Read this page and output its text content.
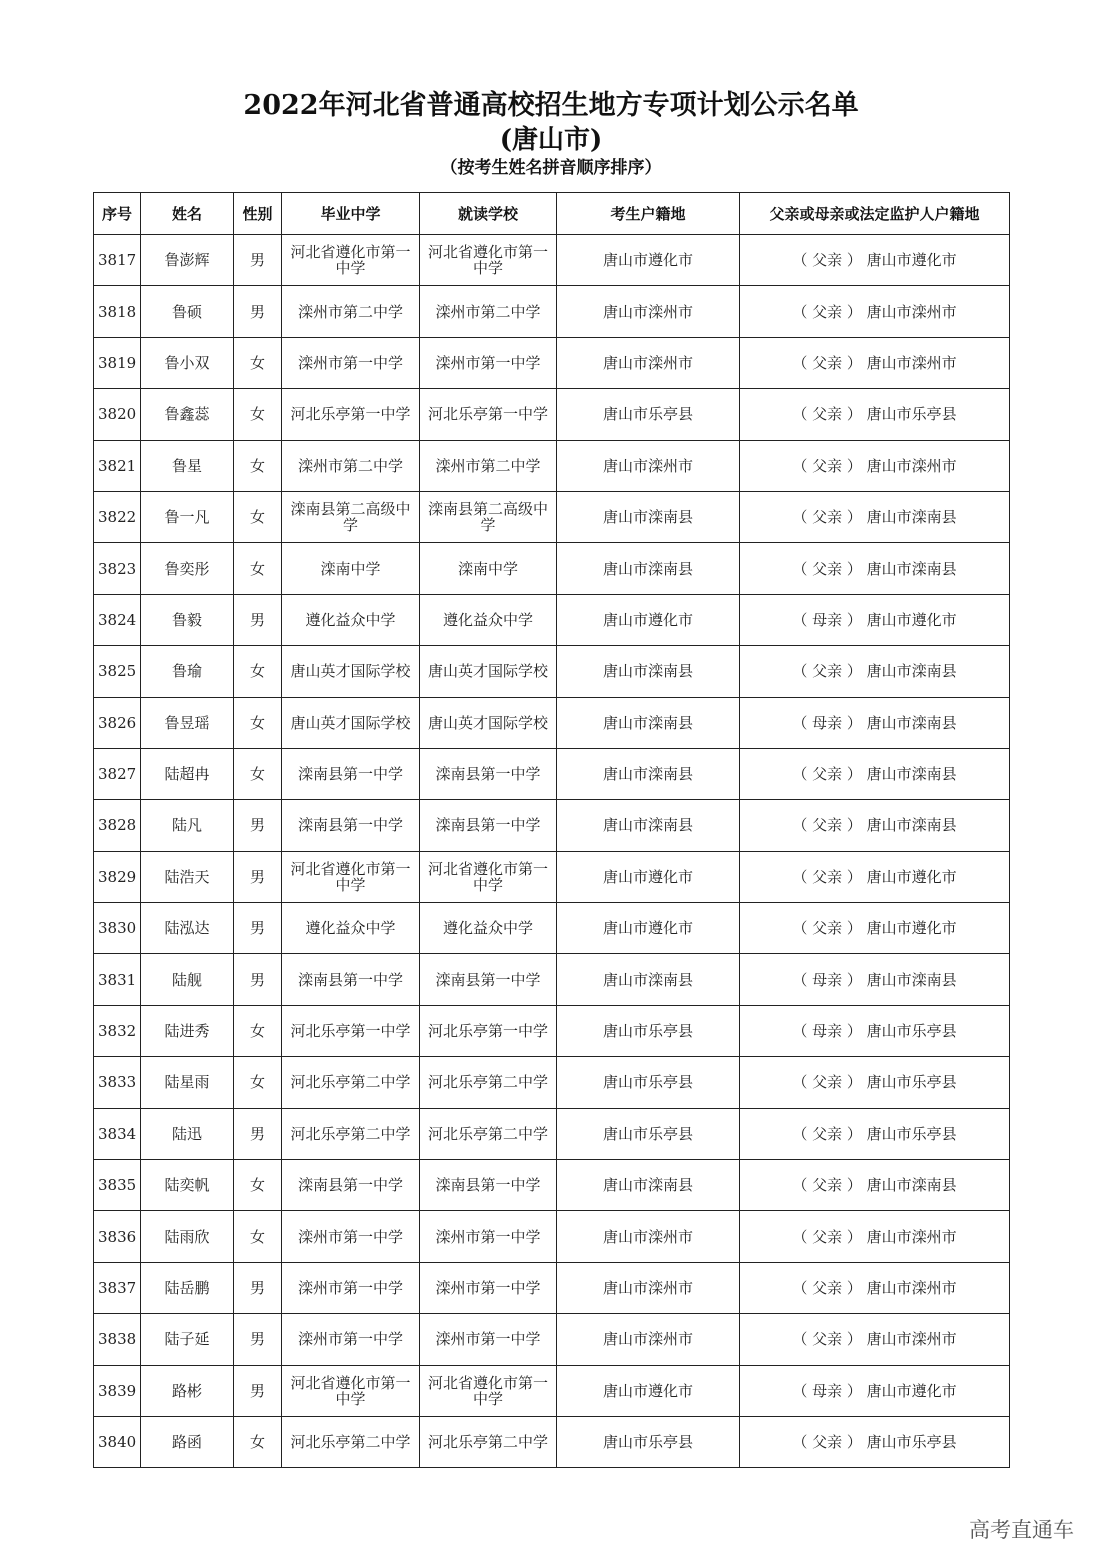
2022年河北省普通高校招生地方专项计划公示名单
(唐山市)
（按考生姓名拼音顺序排序）
序号	姓名	性别	毕业中学	就读学校	考生户籍地	父亲或母亲或法定监护人户籍地
3817	鲁澎辉	男	河北省遵化市第一中学	河北省遵化市第一中学	唐山市遵化市	（ 父亲 ） 唐山市遵化市
3818	鲁硕	男	滦州市第二中学	滦州市第二中学	唐山市滦州市	（ 父亲 ） 唐山市滦州市
3819	鲁小双	女	滦州市第一中学	滦州市第一中学	唐山市滦州市	（ 父亲 ） 唐山市滦州市
3820	鲁鑫蕊	女	河北乐亭第一中学	河北乐亭第一中学	唐山市乐亭县	（ 父亲 ） 唐山市乐亭县
3821	鲁星	女	滦州市第二中学	滦州市第二中学	唐山市滦州市	（ 父亲 ） 唐山市滦州市
3822	鲁一凡	女	滦南县第二高级中学	滦南县第二高级中学	唐山市滦南县	（ 父亲 ） 唐山市滦南县
3823	鲁奕彤	女	滦南中学	滦南中学	唐山市滦南县	（ 父亲 ） 唐山市滦南县
3824	鲁毅	男	遵化益众中学	遵化益众中学	唐山市遵化市	（ 母亲 ） 唐山市遵化市
3825	鲁瑜	女	唐山英才国际学校	唐山英才国际学校	唐山市滦南县	（ 父亲 ） 唐山市滦南县
3826	鲁昱瑶	女	唐山英才国际学校	唐山英才国际学校	唐山市滦南县	（ 母亲 ） 唐山市滦南县
3827	陆超冉	女	滦南县第一中学	滦南县第一中学	唐山市滦南县	（ 父亲 ） 唐山市滦南县
3828	陆凡	男	滦南县第一中学	滦南县第一中学	唐山市滦南县	（ 父亲 ） 唐山市滦南县
3829	陆浩天	男	河北省遵化市第一中学	河北省遵化市第一中学	唐山市遵化市	（ 父亲 ） 唐山市遵化市
3830	陆泓达	男	遵化益众中学	遵化益众中学	唐山市遵化市	（ 父亲 ） 唐山市遵化市
3831	陆舰	男	滦南县第一中学	滦南县第一中学	唐山市滦南县	（ 母亲 ） 唐山市滦南县
3832	陆进秀	女	河北乐亭第一中学	河北乐亭第一中学	唐山市乐亭县	（ 母亲 ） 唐山市乐亭县
3833	陆星雨	女	河北乐亭第二中学	河北乐亭第二中学	唐山市乐亭县	（ 父亲 ） 唐山市乐亭县
3834	陆迅	男	河北乐亭第二中学	河北乐亭第二中学	唐山市乐亭县	（ 父亲 ） 唐山市乐亭县
3835	陆奕帆	女	滦南县第一中学	滦南县第一中学	唐山市滦南县	（ 父亲 ） 唐山市滦南县
3836	陆雨欣	女	滦州市第一中学	滦州市第一中学	唐山市滦州市	（ 父亲 ） 唐山市滦州市
3837	陆岳鹏	男	滦州市第一中学	滦州市第一中学	唐山市滦州市	（ 父亲 ） 唐山市滦州市
3838	陆子延	男	滦州市第一中学	滦州市第一中学	唐山市滦州市	（ 父亲 ） 唐山市滦州市
3839	路彬	男	河北省遵化市第一中学	河北省遵化市第一中学	唐山市遵化市	（ 母亲 ） 唐山市遵化市
3840	路函	女	河北乐亭第二中学	河北乐亭第二中学	唐山市乐亭县	（ 父亲 ） 唐山市乐亭县
高考直通车
